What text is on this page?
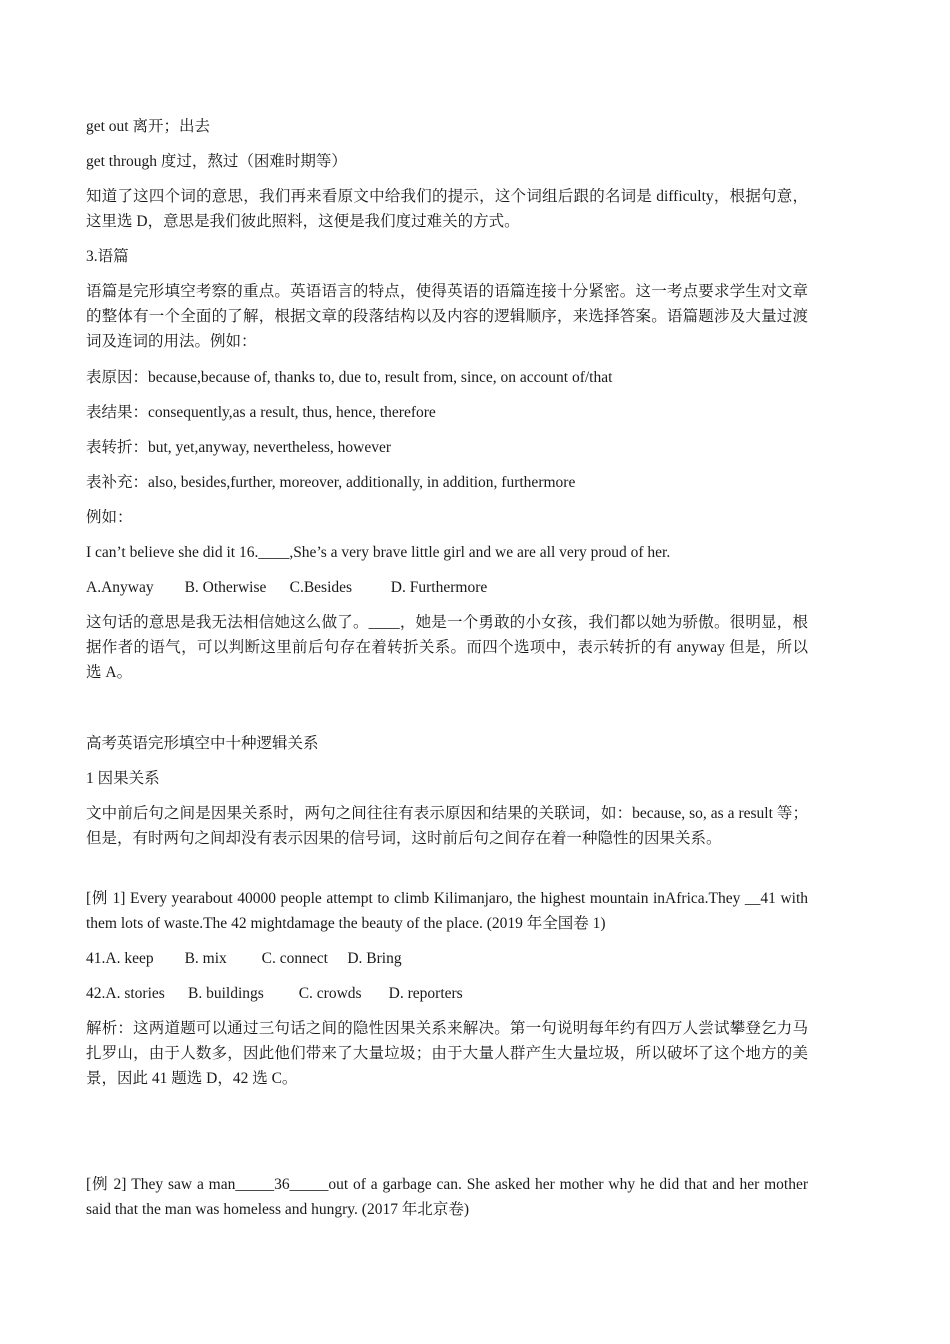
get out 离开；出去

get through 度过，熬过（困难时期等）

知道了这四个词的意思，我们再来看原文中给我们的提示，这个词组后跟的名词是 difficulty，根据句意，这里选 D，意思是我们彼此照料，这便是我们度过难关的方式。

3.语篇

语篇是完形填空考察的重点。英语语言的特点，使得英语的语篇连接十分紧密。这一考点要求学生对文章的整体有一个全面的了解，根据文章的段落结构以及内容的逻辑顺序，来选择答案。语篇题涉及大量过渡词及连词的用法。例如：

表原因：because,because of, thanks to, due to, result from, since, on account of/that

表结果：consequently,as a result, thus, hence, therefore

表转折：but, yet,anyway, nevertheless, however

表补充：also, besides,further, moreover, additionally, in addition, furthermore

例如：

I can’t believe she did it 16.____,She’s a very brave little girl and we are all very proud of her.

A.Anyway        B. Otherwise      C.Besides          D. Furthermore

这句话的意思是我无法相信她这么做了。____，她是一个勇敢的小女孩，我们都以她为骄傲。很明显，根据作者的语气，可以判断这里前后句存在着转折关系。而四个选项中，表示转折的有 anyway 但是，所以选 A。

高考英语完形填空中十种逻辑关系

1 因果关系

文中前后句之间是因果关系时，两句之间往往有表示原因和结果的关联词，如：because, so, as a result 等；但是，有时两句之间却没有表示因果的信号词，这时前后句之间存在着一种隐性的因果关系。

[例 1] Every yearabout 40000 people attempt to climb Kilimanjaro, the highest mountain inAfrica.They __41 with them lots of waste.The 42 mightdamage the beauty of the place. (2019 年全国卷 1)

41.A. keep        B. mix         C. connect     D. Bring

42.A. stories      B. buildings         C. crowds       D. reporters

解析：这两道题可以通过三句话之间的隐性因果关系来解决。第一句说明每年约有四万人尝试攀登乞力马扎罗山，由于人数多，因此他们带来了大量垃圾；由于大量人群产生大量垃圾，所以破坏了这个地方的美景，因此 41 题选 D，42 选 C。

[例 2] They saw a man_____36_____out of a garbage can. She asked her mother why he did that and her mother said that the man was homeless and hungry. (2017 年北京卷)
